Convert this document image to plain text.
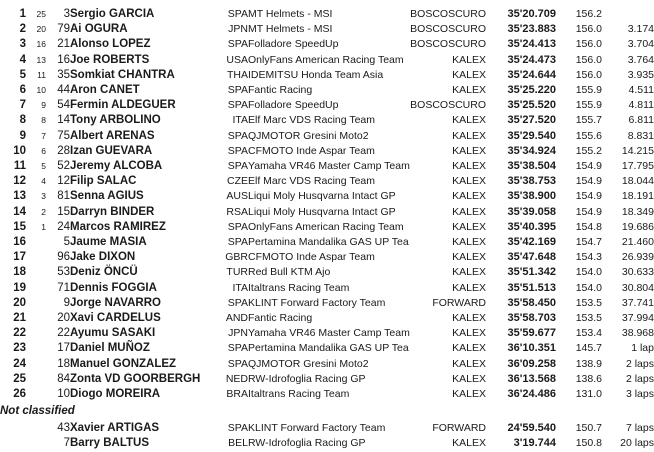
1	25	3	Sergio GARCIA	SPA	MT Helmets - MSI	BOSCOSCURO	35'20.709	156.2	
2	20	79	Ai OGURA	JPN	MT Helmets - MSI	BOSCOSCURO	35'23.883	156.0	3.174
3	16	21	Alonso LOPEZ	SPA	Folladore SpeedUp	BOSCOSCURO	35'24.413	156.0	3.704
4	13	16	Joe ROBERTS	USA	OnlyFans American Racing Team	KALEX	35'24.473	156.0	3.764
5	11	35	Somkiat CHANTRA	THA	IDEMITSU Honda Team Asia	KALEX	35'24.644	156.0	3.935
6	10	44	Aron CANET	SPA	Fantic Racing	KALEX	35'25.220	155.9	4.511
7	9	54	Fermin ALDEGUER	SPA	Folladore SpeedUp	BOSCOSCURO	35'25.520	155.9	4.811
8	8	14	Tony ARBOLINO	ITA	Elf Marc VDS Racing Team	KALEX	35'27.520	155.7	6.811
9	7	75	Albert ARENAS	SPA	QJMOTOR Gresini Moto2	KALEX	35'29.540	155.6	8.831
10	6	28	Izan GUEVARA	SPA	CFMOTO Inde Aspar Team	KALEX	35'34.924	155.2	14.215
11	5	52	Jeremy ALCOBA	SPA	Yamaha VR46 Master Camp Team	KALEX	35'38.504	154.9	17.795
12	4	12	Filip SALAC	CZE	Elf Marc VDS Racing Team	KALEX	35'38.753	154.9	18.044
13	3	81	Senna AGIUS	AUS	Liqui Moly Husqvarna Intact GP	KALEX	35'38.900	154.9	18.191
14	2	15	Darryn BINDER	RSA	Liqui Moly Husqvarna Intact GP	KALEX	35'39.058	154.9	18.349
15	1	24	Marcos RAMIREZ	SPA	OnlyFans American Racing Team	KALEX	35'40.395	154.8	19.686
16		5	Jaume MASIA	SPA	Pertamina Mandalika GAS UP Tea	KALEX	35'42.169	154.7	21.460
17		96	Jake DIXON	GBR	CFMOTO Inde Aspar Team	KALEX	35'47.648	154.3	26.939
18		53	Deniz ÖNCÜ	TUR	Red Bull KTM Ajo	KALEX	35'51.342	154.0	30.633
19		71	Dennis FOGGIA	ITA	Italtrans Racing Team	KALEX	35'51.513	154.0	30.804
20		9	Jorge NAVARRO	SPA	KLINT Forward Factory Team	FORWARD	35'58.450	153.5	37.741
21		20	Xavi CARDELUS	AND	Fantic Racing	KALEX	35'58.703	153.5	37.994
22		22	Ayumu SASAKI	JPN	Yamaha VR46 Master Camp Team	KALEX	35'59.677	153.4	38.968
23		17	Daniel MUÑOZ	SPA	Pertamina Mandalika GAS UP Tea	KALEX	36'10.351	145.7	1 lap
24		18	Manuel GONZALEZ	SPA	QJMOTOR Gresini Moto2	KALEX	36'09.258	138.9	2 laps
25		84	Zonta VD GOORBERGH	NED	RW-Idrofoglia Racing GP	KALEX	36'13.568	138.6	2 laps
26		10	Diogo MOREIRA	BRA	Italtrans Racing Team	KALEX	36'24.486	131.0	3 laps
Not classified									
		43	Xavier ARTIGAS	SPA	KLINT Forward Factory Team	FORWARD	24'59.540	150.7	7 laps
		7	Barry BALTUS	BEL	RW-Idrofoglia Racing GP	KALEX	3'19.744	150.8	20 laps
